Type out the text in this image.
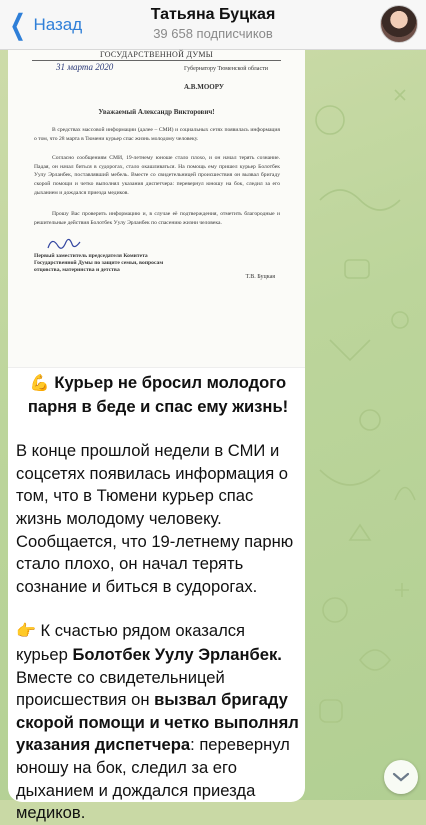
❮ Назад
Татьяна Буцкая
39 658 подписчиков
ГОСУДАРСТВЕННОЙ ДУМЫ
31 марта 2020	Губернатору Тюменской области
А.В.МООРУ
Уважаемый Александр Викторович!
В средствах массовой информации (далее – СМИ) и социальных сетях появилась информация о том, что 28 марта в Тюмени курьер спас жизнь молодому человеку.
Согласно сообщениям СМИ, 19-летнему юноше стало плохо, и он начал терять сознание. Падая, он начал биться в судорогах, стало окашливаться. На помощь ему пришел курьер Болотбек Уулу Эрланбек, поставлявший мебель. Вместе со свидетельницей происшествия он вызвал бригаду скорой помощи и четко выполнял указания диспетчера: перевернул юношу на бок, следил за его дыханием и дождался приезда медиков.
Прошу Вас проверить информацию и, в случае её подтверждения, отметить благородные и решительные действия Болотбек Уулу Эрланбек по спасению жизни человека.
Первый заместитель председателя Комитета Государственной Думы по защите семьи, вопросам отцовства, материнства и детства
Т.В. Буцкая
💪 Курьер не бросил молодого парня в беде и спас ему жизнь!

В конце прошлой недели в СМИ и соцсетях появилась информация о том, что в Тюмени курьер спас жизнь молодому человеку. Сообщается, что 19-летнему парню стало плохо, он начал терять сознание и биться в судорогах.

👉 К счастью рядом оказался курьер Болотбек Уулу Эрланбек. Вместе со свидетельницей происшествия он вызвал бригаду скорой помощи и четко выполнял указания диспетчера: перевернул юношу на бок, следил за его дыханием и дождался приезда медиков.
